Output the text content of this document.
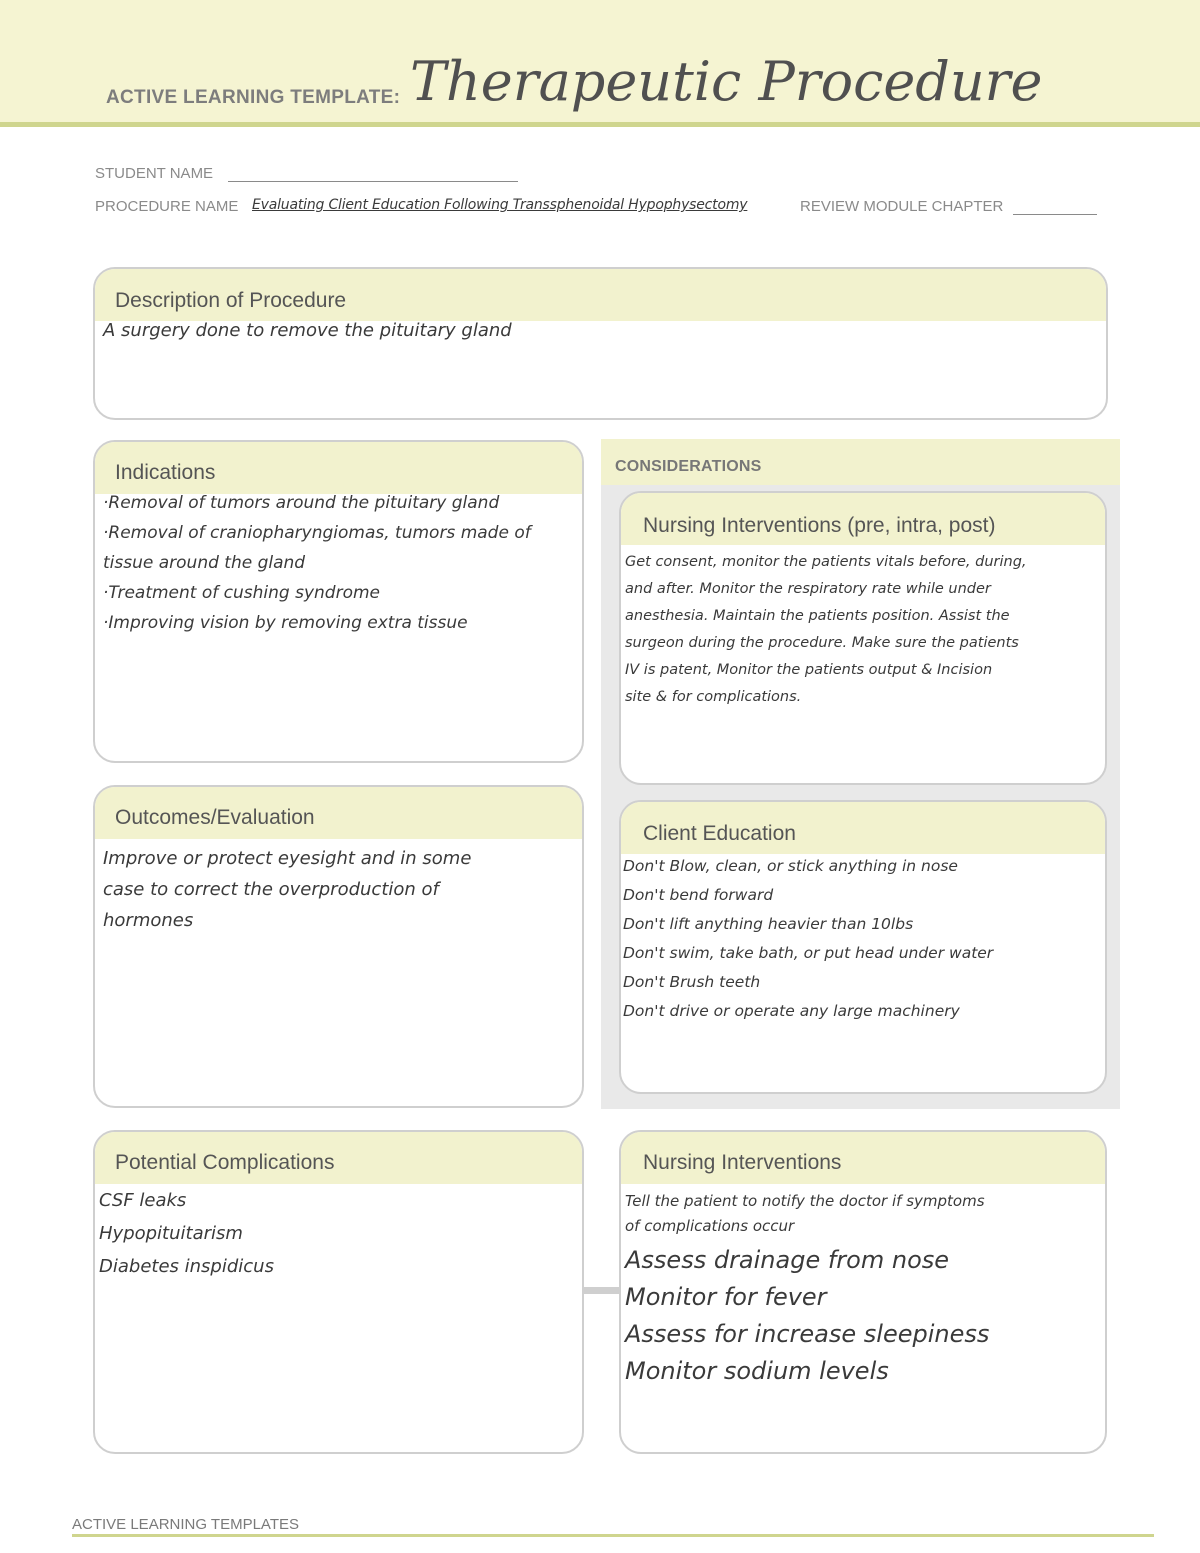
ACTIVE LEARNING TEMPLATE: Therapeutic Procedure
STUDENT NAME
PROCEDURE NAME Evaluating Client Education Following Transsphenoidal Hypophysectomy	REVIEW MODULE CHAPTER
Description of Procedure
A surgery done to remove the pituitary gland
Indications
·Removal of tumors around the pituitary gland
·Removal of craniopharyngiomas, tumors made of
tissue around the gland
·Treatment of cushing syndrome
·Improving vision by removing extra tissue
Outcomes/Evaluation
Improve or protect eyesight and in some
case to correct the overproduction of
hormones
CONSIDERATIONS
Nursing Interventions (pre, intra, post)
Get consent, monitor the patients vitals before, during,
and after. Monitor the respiratory rate while under
anesthesia. Maintain the patients position. Assist the
surgeon during the procedure. Make sure the patients
IV is patent, Monitor the patients output & Incision
site & for complications.
Client Education
Don't Blow, clean, or stick anything in nose
Don't bend forward
Don't lift anything heavier than 10lbs
Don't swim, take bath, or put head under water
Don't Brush teeth
Don't drive or operate any large machinery
Potential Complications
CSF leaks
Hypopituitarism
Diabetes inspidicus
Nursing Interventions
Tell the patient to notify the doctor if symptoms
of complications occur
Assess drainage from nose
Monitor for fever
Assess for increase sleepiness
Monitor sodium levels
ACTIVE LEARNING TEMPLATES
